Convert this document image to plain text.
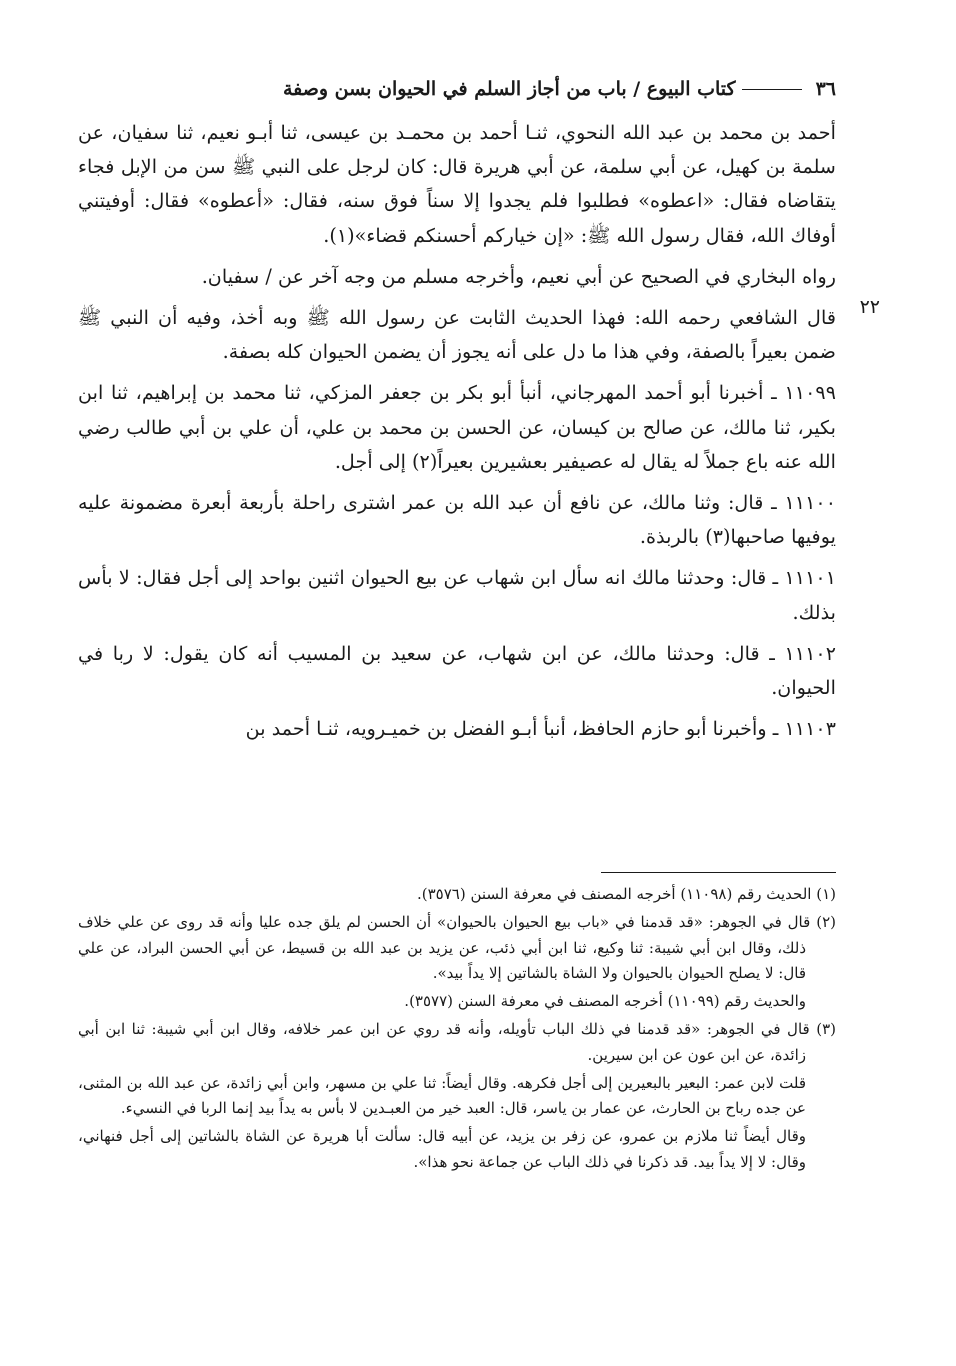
٣٦
كتاب البيوع / باب من أجاز السلم في الحيوان بسن وصفة
٢٢

أحمد بن محمد بن عبد الله النحوي، ثنـا أحمد بن محمـد بن عيسى، ثنا أبـو نعيم، ثنا سفيان، عن سلمة بن كهيل، عن أبي سلمة، عن أبي هريرة قال: كان لرجل على النبي ﷺ سن من الإبل فجاء يتقاضاه فقال: «اعطوه» فطلبوا فلم يجدوا إلا سناً فوق سنه، فقال: «أعطوه» فقال: أوفيتني أوفاك الله، فقال رسول الله ﷺ: «إن خياركم أحسنكم قضاء»(١).

رواه البخاري في الصحيح عن أبي نعيم، وأخرجه مسلم من وجه آخر عن / سفيان.

قال الشافعي رحمه الله: فهذا الحديث الثابت عن رسول الله ﷺ وبه أخذ، وفيه أن النبي ﷺ ضمن بعيراً بالصفة، وفي هذا ما دل على أنه يجوز أن يضمن الحيوان كله بصفة.

١١٠٩٩ ـ أخبرنا أبو أحمد المهرجاني، أنبأ أبو بكر بن جعفر المزكي، ثنا محمد بن إبراهيم، ثنا ابن بكير، ثنا مالك، عن صالح بن كيسان، عن الحسن بن محمد بن علي، أن علي بن أبي طالب رضي الله عنه باع جملاً له يقال له عصيفير بعشيرين بعيراً(٢) إلى أجل.

١١١٠٠ ـ قال: وثنا مالك، عن نافع أن عبد الله بن عمر اشترى راحلة بأربعة أبعرة مضمونة عليه يوفيها صاحبها(٣) بالربذة.

١١١٠١ ـ قال: وحدثنا مالك انه سأل ابن شهاب عن بيع الحيوان اثنين بواحد إلى أجل فقال: لا بأس بذلك.

١١١٠٢ ـ قال: وحدثنا مالك، عن ابن شهاب، عن سعيد بن المسيب أنه كان يقول: لا ربا في الحيوان.

١١١٠٣ ـ وأخبرنا أبو حازم الحافظ، أنبأ أبـو الفضل بن خميـرويه، ثنـا أحمد بن

(١) الحديث رقم (١١٠٩٨) أخرجه المصنف في معرفة السنن (٣٥٧٦).

(٢) قال في الجوهر: «قد قدمنا في «باب بيع الحيوان بالحيوان» أن الحسن لم يلق جده عليا وأنه قد روى عن علي خلاف ذلك، وقال ابن أبي شيبة: ثنا وكيع، ثنا ابن أبي ذئب، عن يزيد بن عبد الله بن قسيط، عن أبي الحسن البراد، عن علي قال: لا يصلح الحيوان بالحيوان ولا الشاة بالشاتين إلا يداً بيد».

والحديث رقم (١١٠٩٩) أخرجه المصنف في معرفة السنن (٣٥٧٧).

(٣) قال في الجوهر: «قد قدمنا في ذلك الباب تأويله، وأنه قد روي عن ابن عمر خلافه، وقال ابن أبي شيبة: ثنا ابن أبي زائدة، عن ابن عون عن ابن سيرين.

قلت لابن عمر: البعير بالبعيرين إلى أجل فكرهه. وقال أيضاً: ثنا علي بن مسهر، وابن أبي زائدة، عن عبد الله بن المثنى، عن جده رباح بن الحارث، عن عمار بن ياسر، قال: العبد خير من العبـدين لا بأس به يداً بيد إنما الربا في النسيء.

وقال أيضاً ثنا ملازم بن عمرو، عن زفر بن يزيد، عن أبيه قال: سألت أبا هريرة عن الشاة بالشاتين إلى أجل فنهاني، وقال: لا إلا يداً بيد. قد ذكرنا في ذلك الباب عن جماعة نحو هذا».
